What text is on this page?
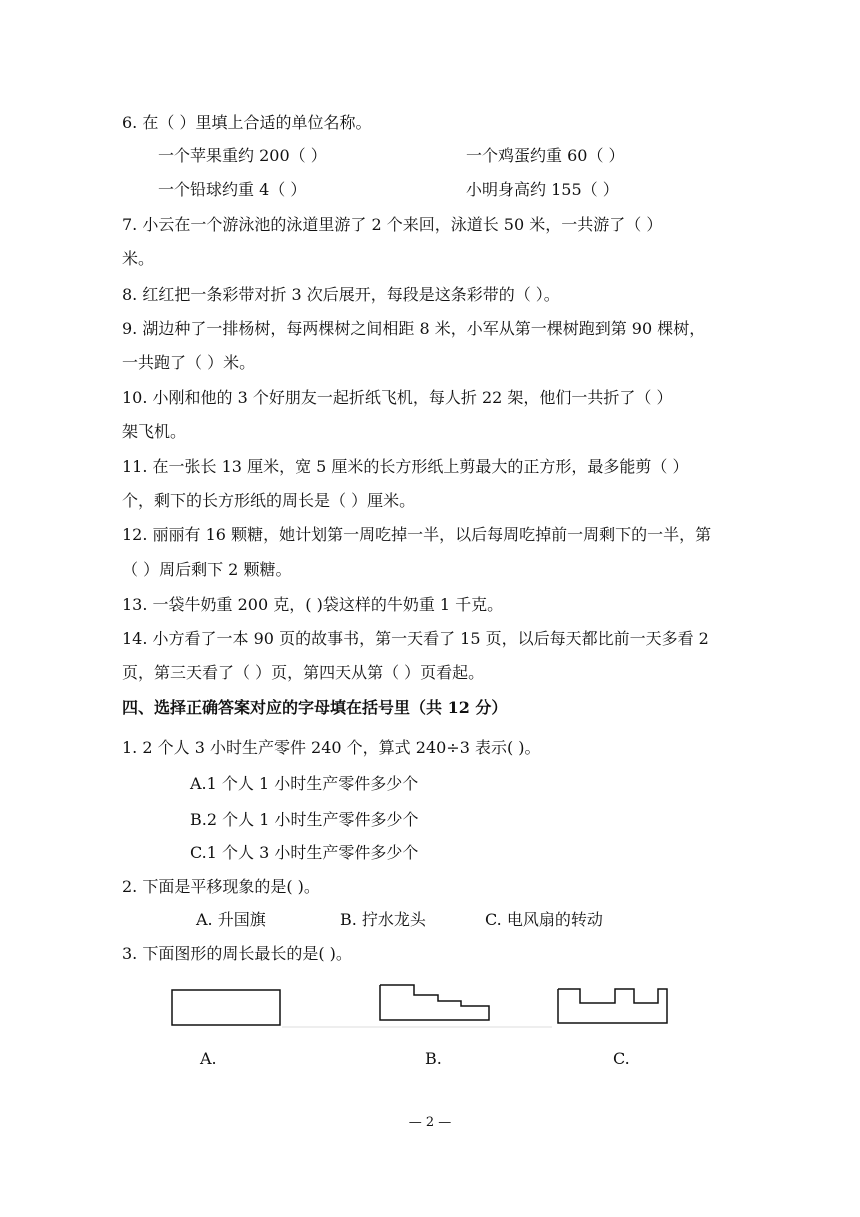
6. 在（ ）里填上合适的单位名称。
一个苹果重约 200（ ）	一个鸡蛋约重 60（ ）
一个铅球约重 4（ ）	小明身高约 155（ ）
7. 小云在一个游泳池的泳道里游了 2 个来回，泳道长 50 米，一共游了（ ）
米。
8. 红红把一条彩带对折 3 次后展开，每段是这条彩带的（ ）。
9. 湖边种了一排杨树，每两棵树之间相距 8 米，小军从第一棵树跑到第 90 棵树，
一共跑了（ ）米。
10. 小刚和他的 3 个好朋友一起折纸飞机，每人折 22 架，他们一共折了（ ）
架飞机。
11. 在一张长 13 厘米，宽 5 厘米的长方形纸上剪最大的正方形，最多能剪（ ）
个，剩下的长方形纸的周长是（ ）厘米。
12. 丽丽有 16 颗糖，她计划第一周吃掉一半，以后每周吃掉前一周剩下的一半，第
（ ）周后剩下 2 颗糖。
13. 一袋牛奶重 200 克，( )袋这样的牛奶重 1 千克。
14. 小方看了一本 90 页的故事书，第一天看了 15 页，以后每天都比前一天多看 2
页，第三天看了（ ）页，第四天从第（ ）页看起。
四、选择正确答案对应的字母填在括号里（共 12 分）
1. 2 个人 3 小时生产零件 240 个，算式 240÷3 表示( )。
A.1 个人 1 小时生产零件多少个
B.2 个人 1 小时生产零件多少个
C.1 个人 3 小时生产零件多少个
2. 下面是平移现象的是( )。
A. 升国旗	B. 拧水龙头	C. 电风扇的转动
3. 下面图形的周长最长的是( )。
A.	B.	C.
— 2 —
